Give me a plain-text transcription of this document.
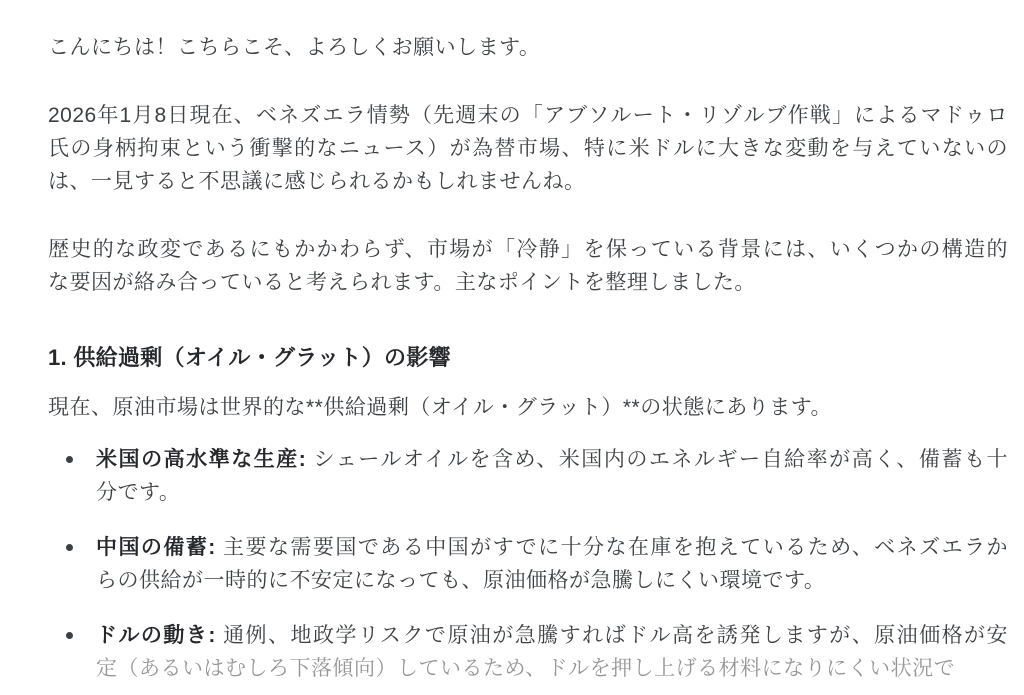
こんにちは！こちらこそ、よろしくお願いします。
2026年1月8日現在、ベネズエラ情勢（先週末の「アブソルート・リゾルブ作戦」によるマドゥロ
氏の身柄拘束という衝撃的なニュース）が為替市場、特に米ドルに大きな変動を与えていないの
は、一見すると不思議に感じられるかもしれませんね。
歴史的な政変であるにもかかわらず、市場が「冷静」を保っている背景には、いくつかの構造的
な要因が絡み合っていると考えられます。主なポイントを整理しました。
1. 供給過剰（オイル・グラット）の影響
現在、原油市場は世界的な**供給過剰（オイル・グラット）**の状態にあります。
米国の高水準な生産: シェールオイルを含め、米国内のエネルギー自給率が高く、備蓄も十
分です。
中国の備蓄: 主要な需要国である中国がすでに十分な在庫を抱えているため、ベネズエラか
らの供給が一時的に不安定になっても、原油価格が急騰しにくい環境です。
ドルの動き: 通例、地政学リスクで原油が急騰すればドル高を誘発しますが、原油価格が安
定（あるいはむしろ下落傾向）しているため、ドルを押し上げる材料になりにくい状況で
